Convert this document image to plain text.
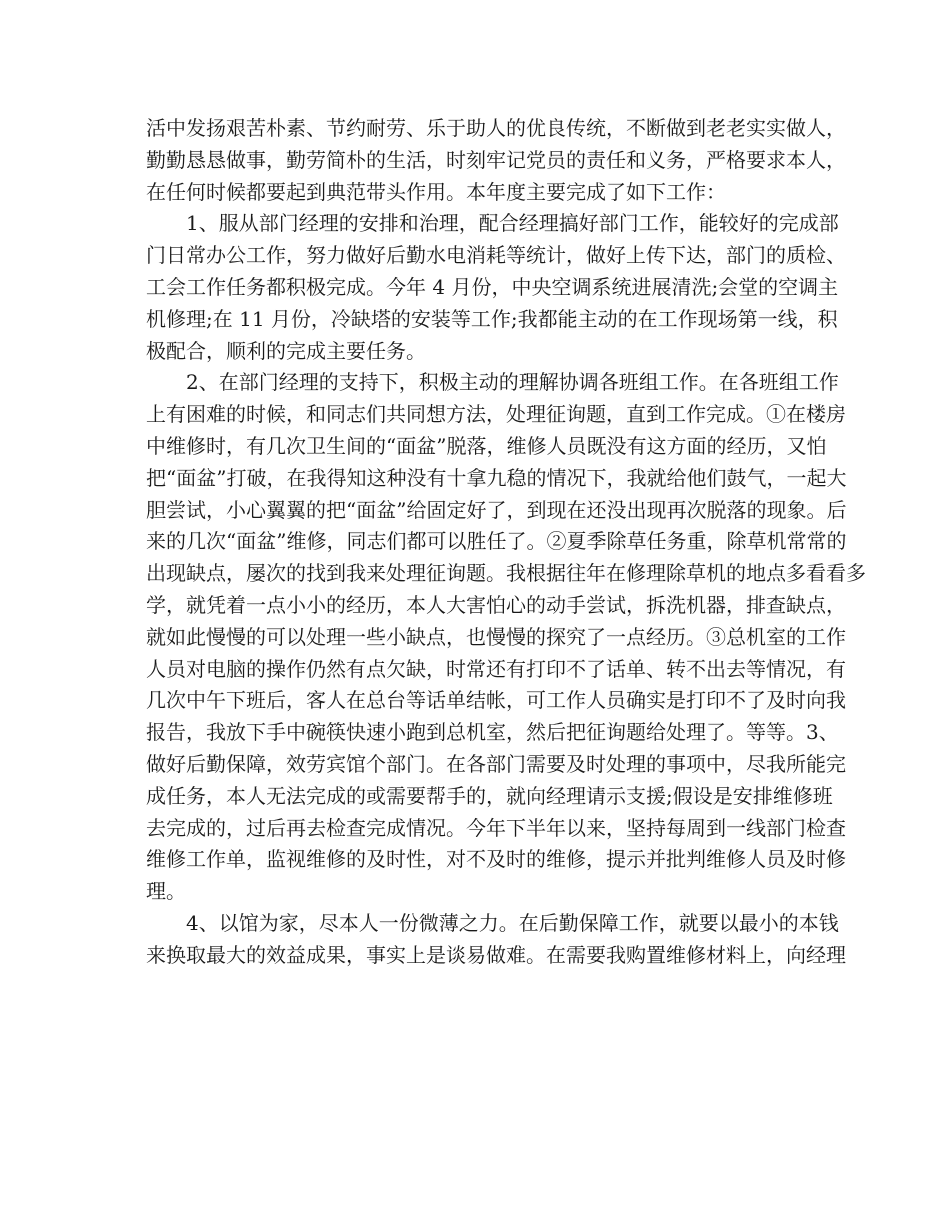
活中发扬艰苦朴素、节约耐劳、乐于助人的优良传统，不断做到老老实实做人，
勤勤恳恳做事，勤劳简朴的生活，时刻牢记党员的责任和义务，严格要求本人，
在任何时候都要起到典范带头作用。本年度主要完成了如下工作：
1、服从部门经理的安排和治理，配合经理搞好部门工作，能较好的完成部
门日常办公工作，努力做好后勤水电消耗等统计，做好上传下达，部门的质检、
工会工作任务都积极完成。今年 4 月份，中央空调系统进展清洗;会堂的空调主
机修理;在 11 月份，冷缺塔的安装等工作;我都能主动的在工作现场第一线，积
极配合，顺利的完成主要任务。
2、在部门经理的支持下，积极主动的理解协调各班组工作。在各班组工作
上有困难的时候，和同志们共同想方法，处理征询题，直到工作完成。①在楼房
中维修时，有几次卫生间的“面盆”脱落，维修人员既没有这方面的经历，又怕
把“面盆”打破，在我得知这种没有十拿九稳的情况下，我就给他们鼓气，一起大
胆尝试，小心翼翼的把“面盆”给固定好了，到现在还没出现再次脱落的现象。后
来的几次“面盆”维修，同志们都可以胜任了。②夏季除草任务重，除草机常常的
出现缺点，屡次的找到我来处理征询题。我根据往年在修理除草机的地点多看看多
学，就凭着一点小小的经历，本人大害怕心的动手尝试，拆洗机器，排查缺点，
就如此慢慢的可以处理一些小缺点，也慢慢的探究了一点经历。③总机室的工作
人员对电脑的操作仍然有点欠缺，时常还有打印不了话单、转不出去等情况，有
几次中午下班后，客人在总台等话单结帐，可工作人员确实是打印不了及时向我
报告，我放下手中碗筷快速小跑到总机室，然后把征询题给处理了。等等。3、
做好后勤保障，效劳宾馆个部门。在各部门需要及时处理的事项中，尽我所能完
成任务，本人无法完成的或需要帮手的，就向经理请示支援;假设是安排维修班
去完成的，过后再去检查完成情况。今年下半年以来，坚持每周到一线部门检查
维修工作单，监视维修的及时性，对不及时的维修，提示并批判维修人员及时修
理。
4、以馆为家，尽本人一份微薄之力。在后勤保障工作，就要以最小的本钱
来换取最大的效益成果，事实上是谈易做难。在需要我购置维修材料上，向经理
